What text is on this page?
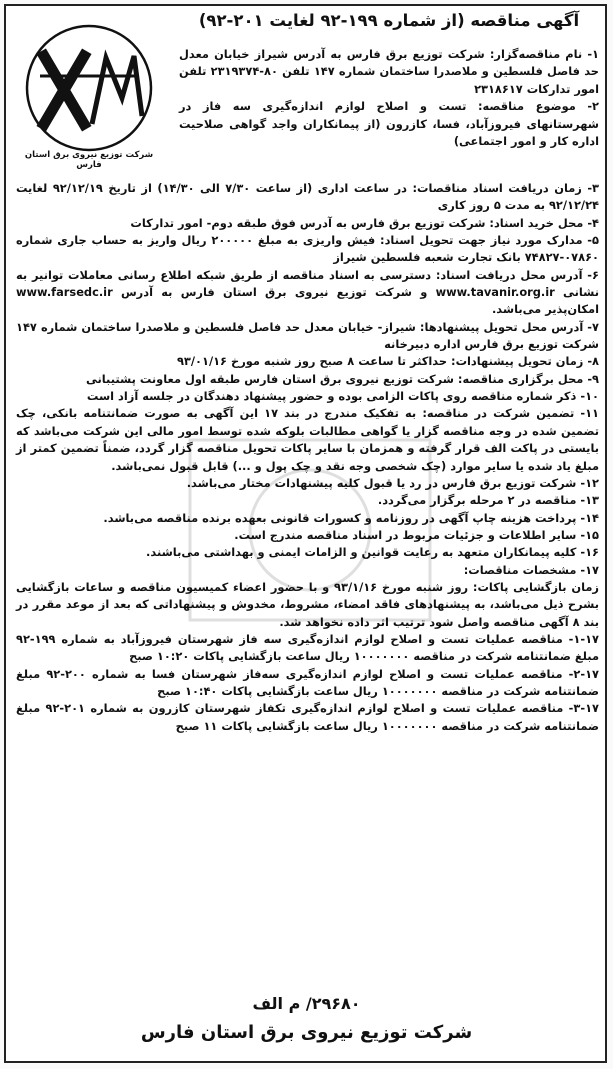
آگهی مناقصه (از شماره ۱۹۹-۹۲ لغایت ۲۰۱-۹۲)
شرکت توزیع نیروی برق استان فارس

۱- نام مناقصه‌گزار: شرکت توزیع برق فارس به آدرس شیراز خیابان معدل حد فاصل فلسطین و ملاصدرا ساختمان شماره ۱۴۷ تلفن ۸۰-۲۳۱۹۳۷۴ تلفن امور تدارکات ۲۳۱۸۶۱۷

۲- موضوع مناقصه: تست و اصلاح لوازم اندازه‌گیری سه فاز در شهرستانهای فیروزآباد، فسا، کازرون (از پیمانکاران واجد گواهی صلاحیت اداره کار و امور اجتماعی)

۳- زمان دریافت اسناد مناقصات: در ساعت اداری (از ساعت ۷/۳۰ الی ۱۴/۳۰) از تاریخ ۹۲/۱۲/۱۹ لغایت ۹۲/۱۲/۲۴ به مدت ۵ روز کاری

۴- محل خرید اسناد: شرکت توزیع برق فارس به آدرس فوق طبقه دوم- امور تدارکات

۵- مدارک مورد نیاز جهت تحویل اسناد: فیش واریزی به مبلغ ۲۰۰۰۰۰ ریال واریز به حساب جاری شماره ۰۷۸۶۰-۷۴۸۲۷ بانک تجارت شعبه فلسطین شیراز

۶- آدرس محل دریافت اسناد: دسترسی به اسناد مناقصه از طریق شبکه اطلاع رسانی معاملات توانیر به نشانی www.tavanir.org.ir و شرکت توزیع نیروی برق استان فارس به آدرس www.farsedc.ir امکان‌پذیر می‌باشد.

۷- آدرس محل تحویل پیشنهادها: شیراز- خیابان معدل حد فاصل فلسطین و ملاصدرا ساختمان شماره ۱۴۷ شرکت توزیع برق فارس اداره دبیرخانه

۸- زمان تحویل پیشنهادات: حداکثر تا ساعت ۸ صبح روز شنبه مورخ ۹۳/۰۱/۱۶

۹- محل برگزاری مناقصه: شرکت توزیع نیروی برق استان فارس طبقه اول معاونت پشتیبانی

۱۰- ذکر شماره مناقصه روی پاکات الزامی بوده و حضور پیشنهاد دهندگان در جلسه آزاد است

۱۱- تضمین شرکت در مناقصه: به تفکیک مندرج در بند ۱۷ این آگهی به صورت ضمانتنامه بانکی، چک تضمین شده در وجه مناقصه گزار یا گواهی مطالبات بلوکه شده توسط امور مالی این شرکت می‌باشد که بایستی در پاکت الف قرار گرفته و همزمان با سایر پاکات تحویل مناقصه گزار گردد، ضمناً تضمین کمتر از مبلغ یاد شده یا سایر موارد (چک شخصی وجه نقد و چک پول و ...) قابل قبول نمی‌باشد.

۱۲- شرکت توزیع برق فارس در رد یا قبول کلیه پیشنهادات مختار می‌باشد.

۱۳- مناقصه در ۲ مرحله برگزار می‌گردد.

۱۴- پرداخت هزینه چاپ آگهی در روزنامه و کسورات قانونی بعهده برنده مناقصه می‌باشد.

۱۵- سایر اطلاعات و جزئیات مربوط در اسناد مناقصه مندرج است.

۱۶- کلیه پیمانکاران متعهد به رعایت قوانین و الزامات ایمنی و بهداشتی می‌باشند.

۱۷- مشخصات مناقصات:

زمان بازگشایی پاکات: روز شنبه مورخ ۹۳/۱/۱۶ و با حضور اعضاء کمیسیون مناقصه و ساعات بازگشایی بشرح ذیل می‌باشد، به پیشنهادهای فاقد امضاء، مشروط، مخدوش و پیشنهاداتی که بعد از موعد مقرر در بند ۸ آگهی مناقصه واصل شود ترتیب اثر داده نخواهد شد.

۱-۱۷- مناقصه عملیات تست و اصلاح لوازم اندازه‌گیری سه فاز شهرستان فیروزآباد به شماره ۱۹۹-۹۲ مبلغ ضمانتنامه شرکت در مناقصه ۱۰۰۰۰۰۰۰ ریال ساعت بازگشایی پاکات ۱۰:۲۰ صبح

۲-۱۷- مناقصه عملیات تست و اصلاح لوازم اندازه‌گیری سه‌فاز شهرستان فسا به شماره ۲۰۰-۹۲ مبلغ ضمانتنامه شرکت در مناقصه ۱۰۰۰۰۰۰۰ ریال ساعت بازگشایی پاکات ۱۰:۴۰ صبح

۳-۱۷- مناقصه عملیات تست و اصلاح لوازم اندازه‌گیری تکفاز شهرستان کازرون به شماره ۲۰۱-۹۲ مبلغ ضمانتنامه شرکت در مناقصه ۱۰۰۰۰۰۰۰ ریال ساعت بازگشایی پاکات ۱۱ صبح

۲۹۶۸۰/ م الف
شرکت توزیع نیروی برق استان فارس
